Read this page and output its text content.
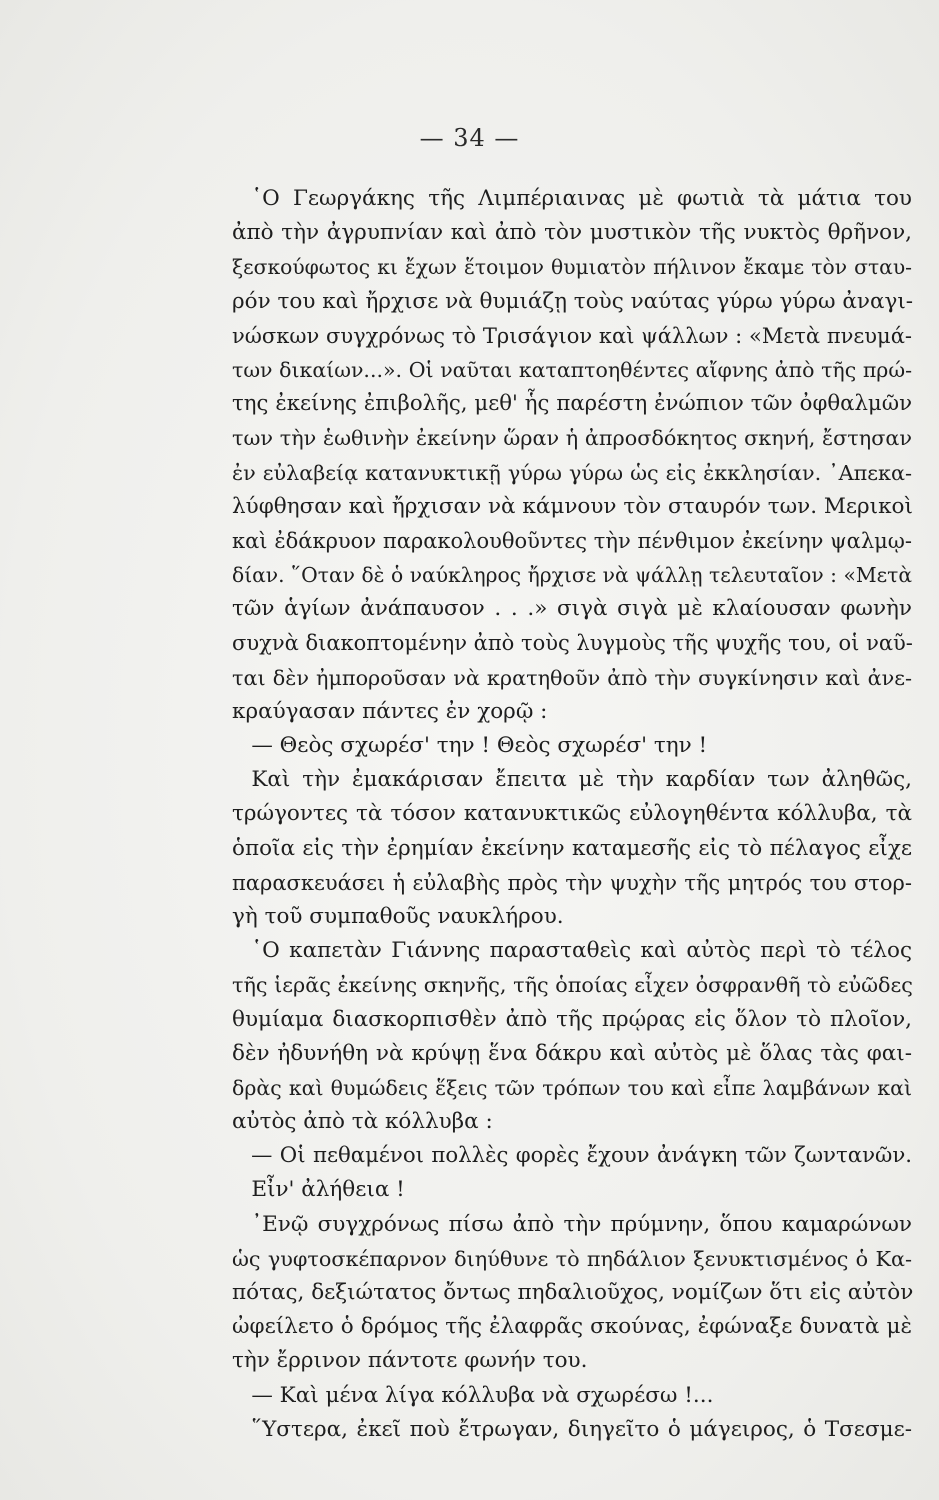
— 34 —
῾Ο Γεωργάκης τῆς Λιμπέριαινας μὲ φωτιὰ τὰ μάτια του
ἀπὸ τὴν ἀγρυπνίαν καὶ ἀπὸ τὸν μυστικὸν τῆς νυκτὸς θρῆνον,
ξεσκούφωτος κι ἔχων ἕτοιμον θυμιατὸν πήλινον ἔκαμε τὸν σταυ-
ρόν του καὶ ἤρχισε νὰ θυμιάζῃ τοὺς ναύτας γύρω γύρω ἀναγι-
νώσκων συγχρόνως τὸ Τρισάγιον καὶ ψάλλων : «Μετὰ πνευμά-
των δικαίων...». Οἱ ναῦται καταπτοηθέντες αἴφνης ἀπὸ τῆς πρώ-
της ἐκείνης ἐπιβολῆς, μεθ' ἧς παρέστη ἐνώπιον τῶν ὀφθαλμῶν
των τὴν ἑωθινὴν ἐκείνην ὥραν ἡ ἀπροσδόκητος σκηνή, ἔστησαν
ἐν εὐλαβείᾳ κατανυκτικῇ γύρω γύρω ὡς εἰς ἐκκλησίαν. ᾽Απεκα-
λύφθησαν καὶ ἤρχισαν νὰ κάμνουν τὸν σταυρόν των. Μερικοὶ
καὶ ἐδάκρυον παρακολουθοῦντες τὴν πένθιμον ἐκείνην ψαλμῳ-
δίαν. ῞Οταν δὲ ὁ ναύκληρος ἤρχισε νὰ ψάλλῃ τελευταῖον : «Μετὰ
τῶν ἁγίων ἀνάπαυσον . . .» σιγὰ σιγὰ μὲ κλαίουσαν φωνὴν
συχνὰ διακοπτομένην ἀπὸ τοὺς λυγμοὺς τῆς ψυχῆς του, οἱ ναῦ-
ται δὲν ἠμποροῦσαν νὰ κρατηθοῦν ἀπὸ τὴν συγκίνησιν καὶ ἀνε-
κραύγασαν πάντες ἐν χορῷ :
— Θεὸς σχωρέσ' την ! Θεὸς σχωρέσ' την !
Καὶ τὴν ἐμακάρισαν ἔπειτα μὲ τὴν καρδίαν των ἀληθῶς,
τρώγοντες τὰ τόσον κατανυκτικῶς εὐλογηθέντα κόλλυβα, τὰ
ὁποῖα εἰς τὴν ἐρημίαν ἐκείνην καταμεσῆς εἰς τὸ πέλαγος εἶχε
παρασκευάσει ἡ εὐλαβὴς πρὸς τὴν ψυχὴν τῆς μητρός του στορ-
γὴ τοῦ συμπαθοῦς ναυκλήρου.
῾Ο καπετὰν Γιάννης παρασταθεὶς καὶ αὐτὸς περὶ τὸ τέλος
τῆς ἱερᾶς ἐκείνης σκηνῆς, τῆς ὁποίας εἶχεν ὀσφρανθῆ τὸ εὐῶδες
θυμίαμα διασκορπισθὲν ἀπὸ τῆς πρῴρας εἰς ὅλον τὸ πλοῖον,
δὲν ἠδυνήθη νὰ κρύψῃ ἕνα δάκρυ καὶ αὐτὸς μὲ ὅλας τὰς φαι-
δρὰς καὶ θυμώδεις ἕξεις τῶν τρόπων του καὶ εἶπε λαμβάνων καὶ
αὐτὸς ἀπὸ τὰ κόλλυβα :
— Οἱ πεθαμένοι πολλὲς φορὲς ἔχουν ἀνάγκη τῶν ζωντανῶν.
Εἶν' ἀλήθεια !
᾽Ενῷ συγχρόνως πίσω ἀπὸ τὴν πρύμνην, ὅπου καμαρώνων
ὡς γυφτοσκέπαρνον διηύθυνε τὸ πηδάλιον ξενυκτισμένος ὁ Κα-
πότας, δεξιώτατος ὄντως πηδαλιοῦχος, νομίζων ὅτι εἰς αὐτὸν
ὠφείλετο ὁ δρόμος τῆς ἐλαφρᾶς σκούνας, ἐφώναξε δυνατὰ μὲ
τὴν ἔρρινον πάντοτε φωνήν του.
— Καὶ μένα λίγα κόλλυβα νὰ σχωρέσω !...
῞Υστερα, ἐκεῖ ποὺ ἔτρωγαν, διηγεῖτο ὁ μάγειρος, ὁ Τσεσμε-
